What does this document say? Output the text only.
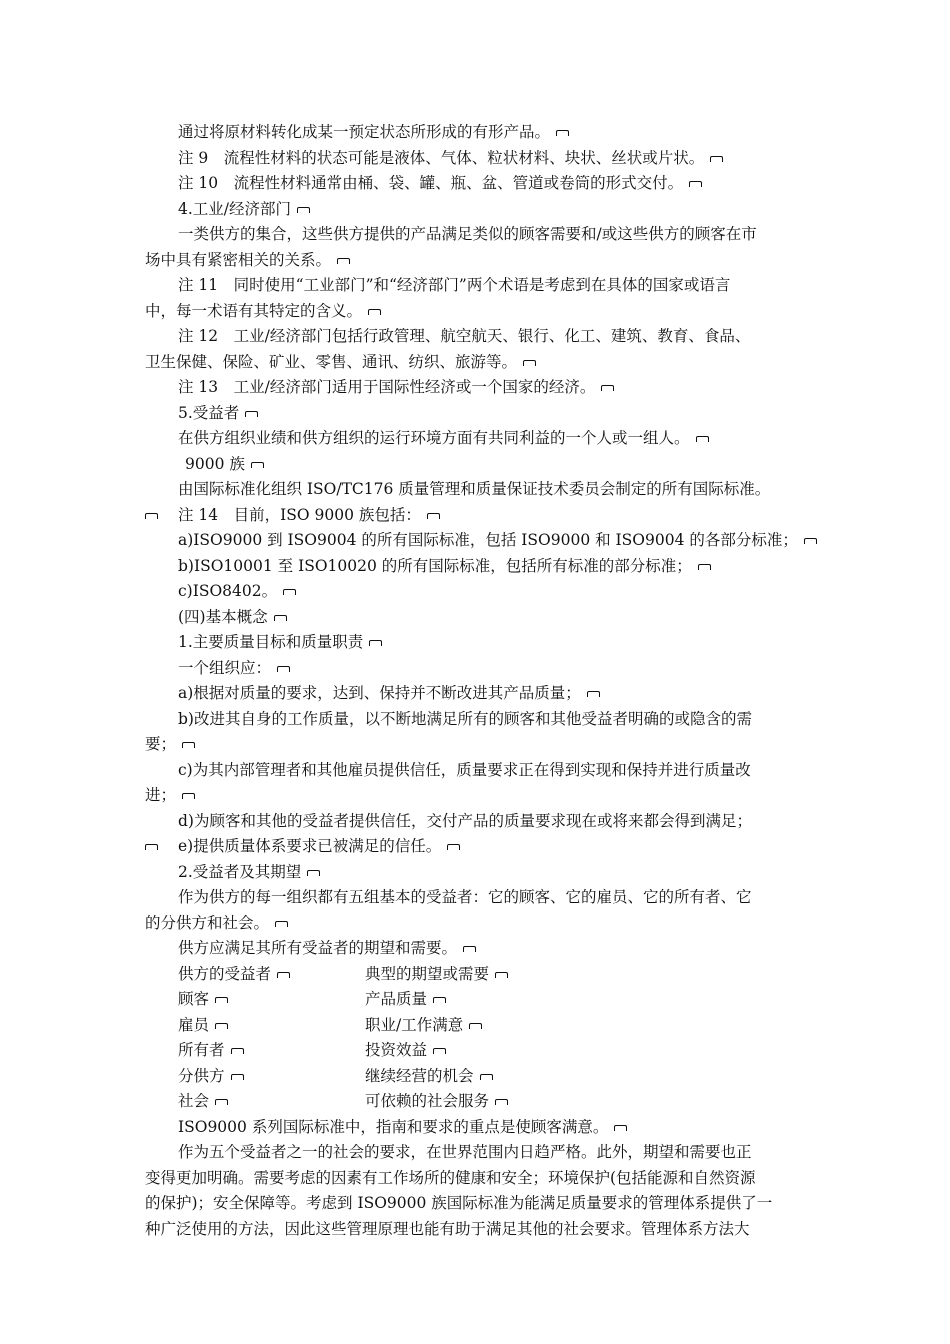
通过将原材料转化成某一预定状态所形成的有形产品。
注 9　流程性材料的状态可能是液体、气体、粒状材料、块状、丝状或片状。
注 10　流程性材料通常由桶、袋、罐、瓶、盆、管道或卷筒的形式交付。
4.工业/经济部门
一类供方的集合，这些供方提供的产品满足类似的顾客需要和/或这些供方的顾客在市
场中具有紧密相关的关系。
注 11　同时使用“工业部门”和“经济部门”两个术语是考虑到在具体的国家或语言
中，每一术语有其特定的含义。
注 12　工业/经济部门包括行政管理、航空航天、银行、化工、建筑、教育、食品、
卫生保健、保险、矿业、零售、通讯、纺织、旅游等。
注 13　工业/经济部门适用于国际性经济或一个国家的经济。
5.受益者
在供方组织业绩和供方组织的运行环境方面有共同利益的一个人或一组人。
9000 族
由国际标准化组织 ISO/TC176 质量管理和质量保证技术委员会制定的所有国际标准。
注 14　目前，ISO 9000 族包括：
a)ISO9000 到 ISO9004 的所有国际标准，包括 ISO9000 和 ISO9004 的各部分标准；
b)ISO10001 至 ISO10020 的所有国际标准，包括所有标准的部分标准；
c)ISO8402。
(四)基本概念
1.主要质量目标和质量职责
一个组织应：
a)根据对质量的要求，达到、保持并不断改进其产品质量；
b)改进其自身的工作质量，以不断地满足所有的顾客和其他受益者明确的或隐含的需
要；
c)为其内部管理者和其他雇员提供信任，质量要求正在得到实现和保持并进行质量改
进；
d)为顾客和其他的受益者提供信任，交付产品的质量要求现在或将来都会得到满足；
e)提供质量体系要求已被满足的信任。
2.受益者及其期望
作为供方的每一组织都有五组基本的受益者：它的顾客、它的雇员、它的所有者、它
的分供方和社会。
供方应满足其所有受益者的期望和需要。
供方的受益者	典型的期望或需要
顾客	产品质量
雇员	职业/工作满意
所有者	投资效益
分供方	继续经营的机会
社会	可依赖的社会服务
ISO9000 系列国际标准中，指南和要求的重点是使顾客满意。
作为五个受益者之一的社会的要求，在世界范围内日趋严格。此外，期望和需要也正
变得更加明确。需要考虑的因素有工作场所的健康和安全；环境保护(包括能源和自然资源
的保护)；安全保障等。考虑到 ISO9000 族国际标准为能满足质量要求的管理体系提供了一
种广泛使用的方法，因此这些管理原理也能有助于满足其他的社会要求。管理体系方法大
